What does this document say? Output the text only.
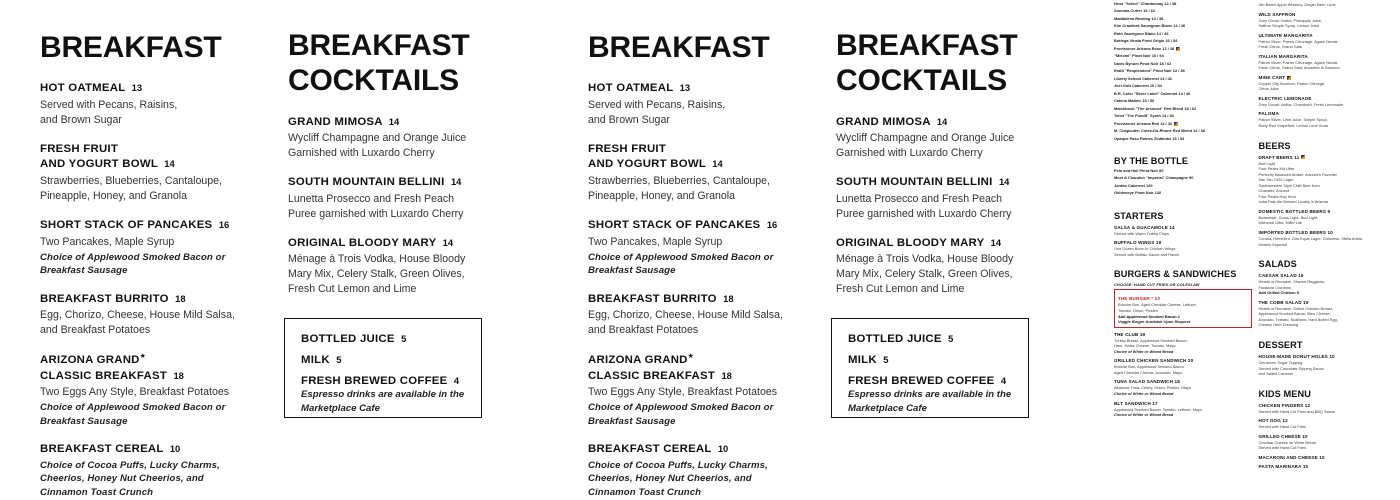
BREAKFAST
HOT OATMEAL 13
Served with Pecans, Raisins,
and Brown Sugar
FRESH FRUIT
AND YOGURT BOWL 14
Strawberries, Blueberries, Cantaloupe,
Pineapple, Honey, and Granola
SHORT STACK OF PANCAKES 16
Two Pancakes, Maple Syrup
Choice of Applewood Smoked Bacon or
Breakfast Sausage
BREAKFAST BURRITO 18
Egg, Chorizo, Cheese, House Mild Salsa,
and Breakfast Potatoes
ARIZONA GRAND★
CLASSIC BREAKFAST 18
Two Eggs Any Style, Breakfast Potatoes
Choice of Applewood Smoked Bacon or
Breakfast Sausage
BREAKFAST CEREAL 10
Choice of Cocoa Puffs, Lucky Charms,
Cheerios, Honey Nut Cheerios, and
Cinnamon Toast Crunch
BREAKFAST
COCKTAILS
GRAND MIMOSA 14
Wycliff Champagne and Orange Juice
Garnished with Luxardo Cherry
SOUTH MOUNTAIN BELLINI 14
Lunetta Prosecco and Fresh Peach
Puree garnished with Luxardo Cherry
ORIGINAL BLOODY MARY 14
Ménage à Trois Vodka, House Bloody
Mary Mix, Celery Stalk, Green Olives,
Fresh Cut Lemon and Lime
BREAKFAST
HOT OATMEAL 13
Served with Pecans, Raisins,
and Brown Sugar
FRESH FRUIT
AND YOGURT BOWL 14
Strawberries, Blueberries, Cantaloupe,
Pineapple, Honey, and Granola
SHORT STACK OF PANCAKES 16
Two Pancakes, Maple Syrup
Choice of Applewood Smoked Bacon or
Breakfast Sausage
BREAKFAST BURRITO 18
Egg, Chorizo, Cheese, House Mild Salsa,
and Breakfast Potatoes
ARIZONA GRAND★
CLASSIC BREAKFAST 18
Two Eggs Any Style, Breakfast Potatoes
Choice of Applewood Smoked Bacon or
Breakfast Sausage
BREAKFAST CEREAL 10
Choice of Cocoa Puffs, Lucky Charms,
Cheerios, Honey Nut Cheerios, and
Cinnamon Toast Crunch
BREAKFAST
COCKTAILS
GRAND MIMOSA 14
Wycliff Champagne and Orange Juice
Garnished with Luxardo Cherry
SOUTH MOUNTAIN BELLINI 14
Lunetta Prosecco and Fresh Peach
Puree garnished with Luxardo Cherry
ORIGINAL BLOODY MARY 14
Ménage à Trois Vodka, House Bloody
Mary Mix, Celery Stalk, Green Olives,
Fresh Cut Lemon and Lime
BOTTLED JUICE 5
MILK 5
FRESH BREWED COFFEE 4
Espresso drinks are available in the
Marketplace Cafe
BOTTLED JUICE 5
MILK 5
FRESH BREWED COFFEE 4
Espresso drinks are available in the
Marketplace Cafe
Hess "Select" Chardonnay 12 / 38
Sonoma Cutrer 16 / 62
Maddalena Riesling 13 / 38
Kim Crawford Sauvignon Blanc 14 / 46
Roth Sauvignon Blanc 14 / 46
Bottega Vinaia Pinot Grigio 16 / 54
Provisioner Arizona Rose 12 / 38
"Meiomi" Pinot Noir 16 / 54
Davis Bynum Pinot Noir 18 / 62
Erath "Resplendent" Pinot Noir 12 / 38
Liberty School Cabernet 13 / 42
Joel Gott Cabernet 16 / 54
B.R. Cohn "Silver Label" Cabernet 14 / 46
Catena Malbec 15 / 50
Matchbook "The Arsonist" Red Blend 18 / 62
Tenet "The Pundit" Syrah 14 / 46
Provisioner Arizona Red 13 / 42
M. Chapoutier Cotes-Du-Rhone Red Blend 12 / 38
Opaque Paso Robles Zinfandel 16 / 54
BY THE BOTTLE
Pelo and Hall Pinot Noir 80
Moet & Chandon "Imperial" Champagne 90
Jordan Cabernet 120
Goldeneye Pinot Noir 140
STARTERS
SALSA & GUACAMOLE 14
Served with Warm Tortilla Chips
BUFFALO WINGS 19
One Dozen Bone-In Chicken Wings
Served with Buffalo Sauce and Ranch
BURGERS & SANDWICHES
CHOOSE: HAND CUT FRIES OR COLESLAW
THE BURGER * 22
Brioche Bun, Aged Cheddar Cheese, Lettuce,
Tomato, Onion, Pickles
Add Applewood Smoked Bacon 2
Veggie Burger Available Upon Request.
THE CLUB 19
Turkey Breast, Applewood Smoked Bacon,
Ham, Swiss Cheese, Tomato, Mayo
Choice of White or Wheat Bread
GRILLED CHICKEN SANDWICH 20
Brioche Bun, Applewood Smoked Bacon,
Aged Cheddar Cheese, Avocado, Mayo
TUNA SALAD SANDWICH 18
Albacore Tuna, Celery, Onion, Pickles, Mayo
Choice of White or Wheat Bread
BLT SANDWICH 17
Applewood Smoked Bacon, Tomato, Lettuce, Mayo
Choice of White or Wheat Bread
Jim Beam Apple Whiskey, Ginger Beer, Lime
WILD SAFFRON
Grey Goose Vodka, Pineapple Juice,
Saffron Simple Syrup, Lemon Juice
ULTIMATE MARGARITA
Patron Silver, Patron Citronage, Agave Nectar,
Fresh Citrus, Grand Gala
ITALIAN MARGARITA
Patron Silver, Patron Citronage, Agave Nectar,
Fresh Citrus, Grand Gala, Amaretto di Saronno
MINE CART
Copper City Bourbon, Patron Citronge,
Citrus Juice
ELECTRIC LEMONADE
Grey Goose Vodka, Chambord, Fresh Lemonade
PALOMA
Patron Silver, Lime Juice, Simple Syrup,
Ruby Red Grapefruit, Lemon Lime Soda
BEERS
DRAFT BEERS 11
Bud Light
Four Peaks Kilt Lifter
Perfectly Balanced Amber, Arizona's Favorite!
San Tan 1920 Lager
Southwestern Style Craft Beer from
Chandler, Arizona
Four Peaks Hop Knot
India Pale Ale Brewed Locally in Arizona
DOMESTIC BOTTLED BEERS 9
Budweiser, Coors Light, Bud Light,
Michelob Ultra, Miller Lite
IMPORTED BOTTLED BEERS 10
Corona, Heineken, Dos Equis Lager, Guinness, Stella Artois,
Modelo Especial
SALADS
CAESAR SALAD 16
Hearts of Romaine, Shaved Reggiano,
Focaccia Croutons
Add Grilled Chicken 8
THE COBB SALAD 19
Hearts of Romaine, Grilled Chicken Breast,
Applewood Smoked Bacon, Bleu Cheese,
Avocado, Tomato, Scallions, Hard Boiled Egg,
Creamy Herb Dressing
DESSERT
HOUSE-MADE DONUT HOLES 10
Cinnamon Sugar Topping
Served with Chocolate Dipping Sauce
and Salted Caramel
KIDS MENU
CHICKEN FINGERS 12
Served with Hand Cut Fries and BBQ Sauce
HOT DOG 12
Served with Hand Cut Fries
GRILLED CHEESE 10
Cheddar Cheese on White Bread
Served with Hand Cut Fries
MACARONI AND CHEESE 10
PASTA MARINARA 10
